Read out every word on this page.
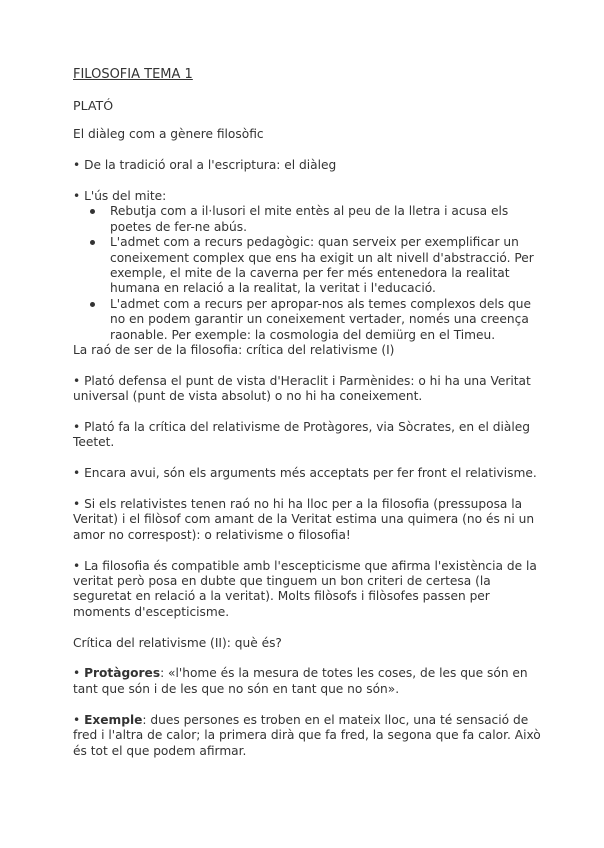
FILOSOFIA TEMA 1

PLATÓ

El diàleg com a gènere filosòfic

• De la tradició oral a l'escriptura: el diàleg

• L'ús del mite:

Rebutja com a il·lusori el mite entès al peu de la lletra i acusa els poetes de fer-ne abús.
L'admet com a recurs pedagògic: quan serveix per exemplificar un coneixement complex que ens ha exigit un alt nivell d'abstracció. Per exemple, el mite de la caverna per fer més entenedora la realitat humana en relació a la realitat, la veritat i l'educació.
L'admet com a recurs per apropar-nos als temes complexos dels que no en podem garantir un coneixement vertader, només una creença raonable. Per exemple: la cosmologia del demiürg en el Timeu.

La raó de ser de la filosofia: crítica del relativisme (I)

• Plató defensa el punt de vista d'Heraclit i Parmènides: o hi ha una Veritat universal (punt de vista absolut) o no hi ha coneixement.

• Plató fa la crítica del relativisme de Protàgores, via Sòcrates, en el diàleg Teetet.

• Encara avui, són els arguments més acceptats per fer front el relativisme.

• Si els relativistes tenen raó no hi ha lloc per a la filosofia (pressuposa la Veritat) i el filòsof com amant de la Veritat estima una quimera (no és ni un amor no correspost): o relativisme o filosofia!

• La filosofia és compatible amb l'escepticisme que afirma l'existència de la veritat però posa en dubte que tinguem un bon criteri de certesa (la seguretat en relació a la veritat). Molts filòsofs i filòsofes passen per moments d'escepticisme.

Crítica del relativisme (II): què és?

• Protàgores: «l'home és la mesura de totes les coses, de les que són en tant que són i de les que no són en tant que no són».

• Exemple: dues persones es troben en el mateix lloc, una té sensació de fred i l'altra de calor; la primera dirà que fa fred, la segona que fa calor. Això és tot el que podem afirmar.
